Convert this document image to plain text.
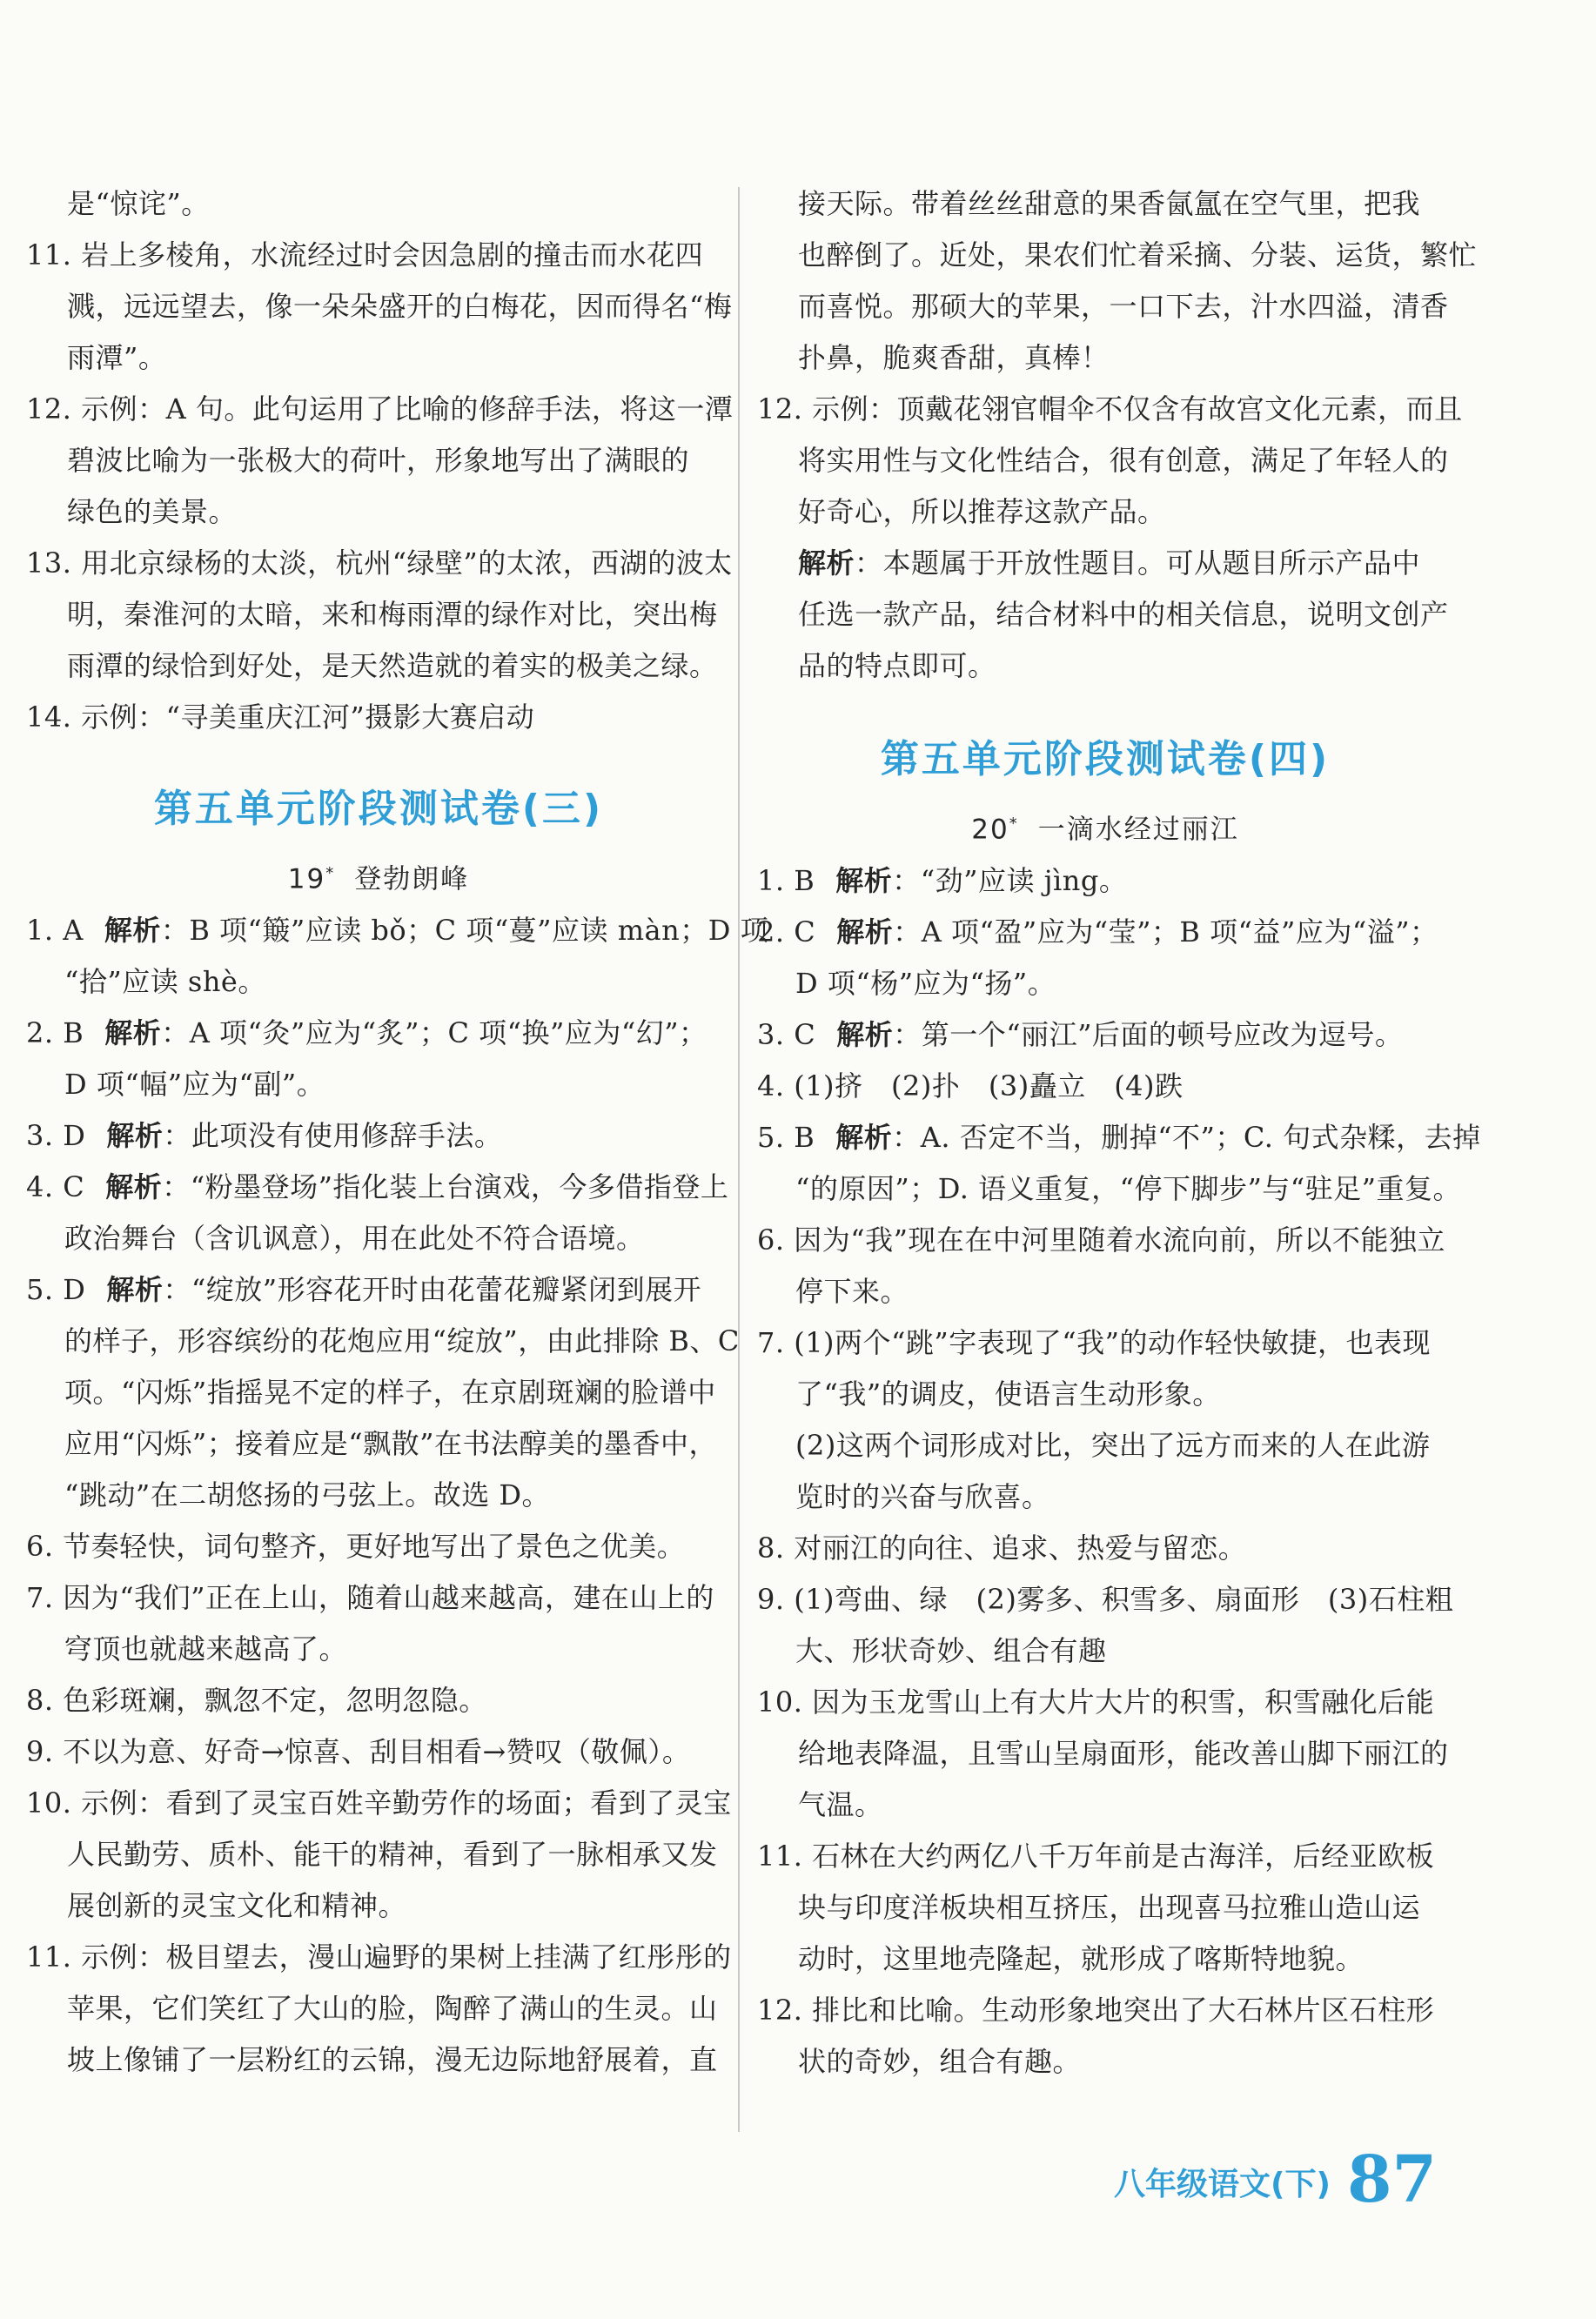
是“惊诧”。
11. 岩上多棱角，水流经过时会因急剧的撞击而水花四
溅，远远望去，像一朵朵盛开的白梅花，因而得名“梅
雨潭”。
12. 示例：A 句。此句运用了比喻的修辞手法，将这一潭
碧波比喻为一张极大的荷叶，形象地写出了满眼的
绿色的美景。
13. 用北京绿杨的太淡，杭州“绿壁”的太浓，西湖的波太
明，秦淮河的太暗，来和梅雨潭的绿作对比，突出梅
雨潭的绿恰到好处，是天然造就的着实的极美之绿。
14. 示例：“寻美重庆江河”摄影大赛启动
第五单元阶段测试卷(三)
19* 登勃朗峰
1. A 解析：B 项“簸”应读 bǒ；C 项“蔓”应读 màn；D 项
“拾”应读 shè。
2. B 解析：A 项“灸”应为“炙”；C 项“换”应为“幻”；
D 项“幅”应为“副”。
3. D 解析：此项没有使用修辞手法。
4. C 解析：“粉墨登场”指化装上台演戏，今多借指登上
政治舞台（含讥讽意），用在此处不符合语境。
5. D 解析：“绽放”形容花开时由花蕾花瓣紧闭到展开
的样子，形容缤纷的花炮应用“绽放”，由此排除 B、C
项。“闪烁”指摇晃不定的样子，在京剧斑斓的脸谱中
应用“闪烁”；接着应是“飘散”在书法醇美的墨香中，
“跳动”在二胡悠扬的弓弦上。故选 D。
6. 节奏轻快，词句整齐，更好地写出了景色之优美。
7. 因为“我们”正在上山，随着山越来越高，建在山上的
穹顶也就越来越高了。
8. 色彩斑斓，飘忽不定，忽明忽隐。
9. 不以为意、好奇→惊喜、刮目相看→赞叹（敬佩）。
10. 示例：看到了灵宝百姓辛勤劳作的场面；看到了灵宝
人民勤劳、质朴、能干的精神，看到了一脉相承又发
展创新的灵宝文化和精神。
11. 示例：极目望去，漫山遍野的果树上挂满了红彤彤的
苹果，它们笑红了大山的脸，陶醉了满山的生灵。山
坡上像铺了一层粉红的云锦，漫无边际地舒展着，直
接天际。带着丝丝甜意的果香氤氲在空气里，把我
也醉倒了。近处，果农们忙着采摘、分装、运货，繁忙
而喜悦。那硕大的苹果，一口下去，汁水四溢，清香
扑鼻，脆爽香甜，真棒！
12. 示例：顶戴花翎官帽伞不仅含有故宫文化元素，而且
将实用性与文化性结合，很有创意，满足了年轻人的
好奇心，所以推荐这款产品。
解析：本题属于开放性题目。可从题目所示产品中
任选一款产品，结合材料中的相关信息，说明文创产
品的特点即可。
第五单元阶段测试卷(四)
20* 一滴水经过丽江
1. B 解析：“劲”应读 jìng。
2. C 解析：A 项“盈”应为“莹”；B 项“益”应为“溢”；
D 项“杨”应为“扬”。
3. C 解析：第一个“丽江”后面的顿号应改为逗号。
4. (1)挤　(2)扑　(3)矗立　(4)跌
5. B 解析：A. 否定不当，删掉“不”；C. 句式杂糅，去掉
“的原因”；D. 语义重复，“停下脚步”与“驻足”重复。
6. 因为“我”现在在中河里随着水流向前，所以不能独立
停下来。
7. (1)两个“跳”字表现了“我”的动作轻快敏捷，也表现
了“我”的调皮，使语言生动形象。
(2)这两个词形成对比，突出了远方而来的人在此游
览时的兴奋与欣喜。
8. 对丽江的向往、追求、热爱与留恋。
9. (1)弯曲、绿　(2)雾多、积雪多、扇面形　(3)石柱粗
大、形状奇妙、组合有趣
10. 因为玉龙雪山上有大片大片的积雪，积雪融化后能
给地表降温，且雪山呈扇面形，能改善山脚下丽江的
气温。
11. 石林在大约两亿八千万年前是古海洋，后经亚欧板
块与印度洋板块相互挤压，出现喜马拉雅山造山运
动时，这里地壳隆起，就形成了喀斯特地貌。
12. 排比和比喻。生动形象地突出了大石林片区石柱形
状的奇妙，组合有趣。
八年级语文(下) 87
